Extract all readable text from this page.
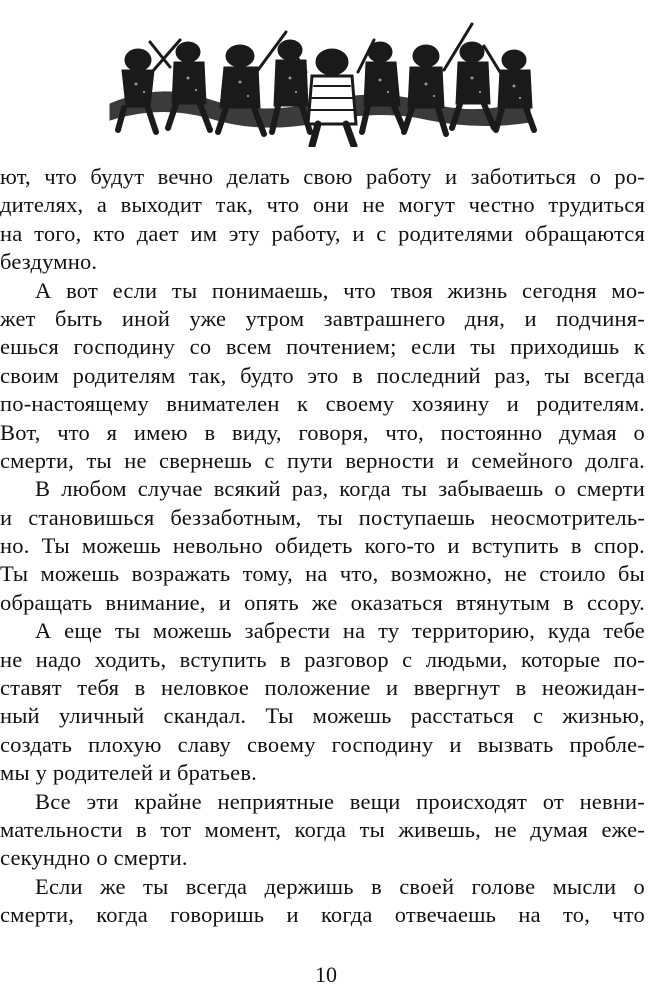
ют, что будут вечно делать свою работу и заботиться о ро-
дителях, а выходит так, что они не могут честно трудиться
на того, кто дает им эту работу, и с родителями обращаются
бездумно.
А вот если ты понимаешь, что твоя жизнь сегодня мо-
жет быть иной уже утром завтрашнего дня, и подчиня-
ешься господину со всем почтением; если ты приходишь к
своим родителям так, будто это в последний раз, ты всегда
по-настоящему внимателен к своему хозяину и родителям.
Вот, что я имею в виду, говоря, что, постоянно думая о
смерти, ты не свернешь с пути верности и семейного долга.
В любом случае всякий раз, когда ты забываешь о смерти
и становишься беззаботным, ты поступаешь неосмотритель-
но. Ты можешь невольно обидеть кого-то и вступить в спор.
Ты можешь возражать тому, на что, возможно, не стоило бы
обращать внимание, и опять же оказаться втянутым в ссору.
А еще ты можешь забрести на ту территорию, куда тебе
не надо ходить, вступить в разговор с людьми, которые по-
ставят тебя в неловкое положение и ввергнут в неожидан-
ный уличный скандал. Ты можешь расстаться с жизнью,
создать плохую славу своему господину и вызвать пробле-
мы у родителей и братьев.
Все эти крайне неприятные вещи происходят от невни-
мательности в тот момент, когда ты живешь, не думая еже-
секундно о смерти.
Если же ты всегда держишь в своей голове мысли о
смерти, когда говоришь и когда отвечаешь на то, что
10
